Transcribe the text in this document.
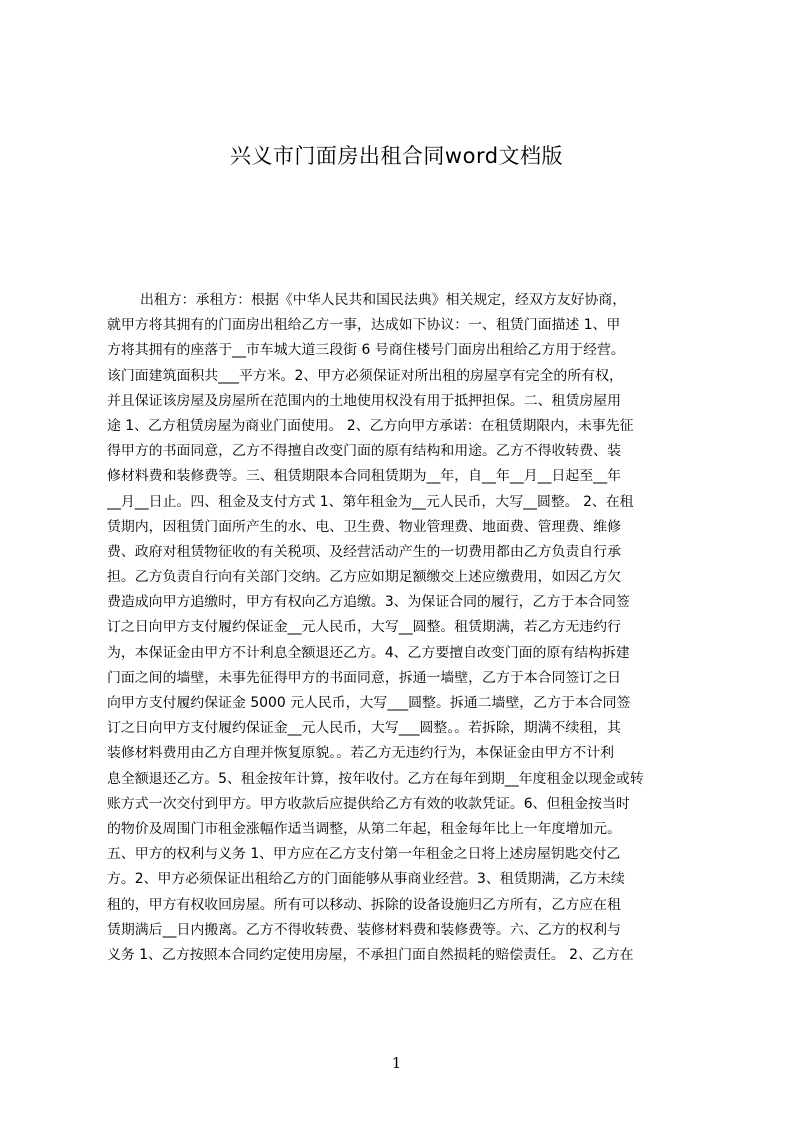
兴义市门面房出租合同word文档版
出租方：承租方：根据《中华人民共和国民法典》相关规定，经双方友好协商，
就甲方将其拥有的门面房出租给乙方一事，达成如下协议：一、租赁门面描述 1、甲
方将其拥有的座落于__市车城大道三段街 6 号商住楼号门面房出租给乙方用于经营。
该门面建筑面积共___平方米。2、甲方必须保证对所出租的房屋享有完全的所有权，
并且保证该房屋及房屋所在范围内的土地使用权没有用于抵押担保。二、租赁房屋用
途 1、乙方租赁房屋为商业门面使用。 2、乙方向甲方承诺：在租赁期限内，未事先征
得甲方的书面同意，乙方不得擅自改变门面的原有结构和用途。乙方不得收转费、装
修材料费和装修费等。三、租赁期限本合同租赁期为__年，自__年__月__日起至__年
__月__日止。四、租金及支付方式 1、第年租金为__元人民币，大写__圆整。 2、在租
赁期内，因租赁门面所产生的水、电、卫生费、物业管理费、地面费、管理费、维修
费、政府对租赁物征收的有关税项、及经营活动产生的一切费用都由乙方负责自行承
担。乙方负责自行向有关部门交纳。乙方应如期足额缴交上述应缴费用，如因乙方欠
费造成向甲方追缴时，甲方有权向乙方追缴。3、为保证合同的履行，乙方于本合同签
订之日向甲方支付履约保证金__元人民币，大写__圆整。租赁期满，若乙方无违约行
为，本保证金由甲方不计利息全额退还乙方。4、乙方要擅自改变门面的原有结构拆建
门面之间的墙壁，未事先征得甲方的书面同意，拆通一墙壁，乙方于本合同签订之日
向甲方支付履约保证金 5000 元人民币，大写___圆整。拆通二墙壁，乙方于本合同签
订之日向甲方支付履约保证金__元人民币，大写___圆整。。若拆除，期满不续租，其
装修材料费用由乙方自理并恢复原貌。。若乙方无违约行为，本保证金由甲方不计利
息全额退还乙方。5、租金按年计算，按年收付。乙方在每年到期__年度租金以现金或转
账方式一次交付到甲方。甲方收款后应提供给乙方有效的收款凭证。6、但租金按当时
的物价及周围门市租金涨幅作适当调整，从第二年起，租金每年比上一年度增加元。
五、甲方的权利与义务 1、甲方应在乙方支付第一年租金之日将上述房屋钥匙交付乙
方。2、甲方必须保证出租给乙方的门面能够从事商业经营。3、租赁期满，乙方未续
租的，甲方有权收回房屋。所有可以移动、拆除的设备设施归乙方所有，乙方应在租
赁期满后__日内搬离。乙方不得收转费、装修材料费和装修费等。六、乙方的权利与
义务 1、乙方按照本合同约定使用房屋，不承担门面自然损耗的赔偿责任。 2、乙方在
1
